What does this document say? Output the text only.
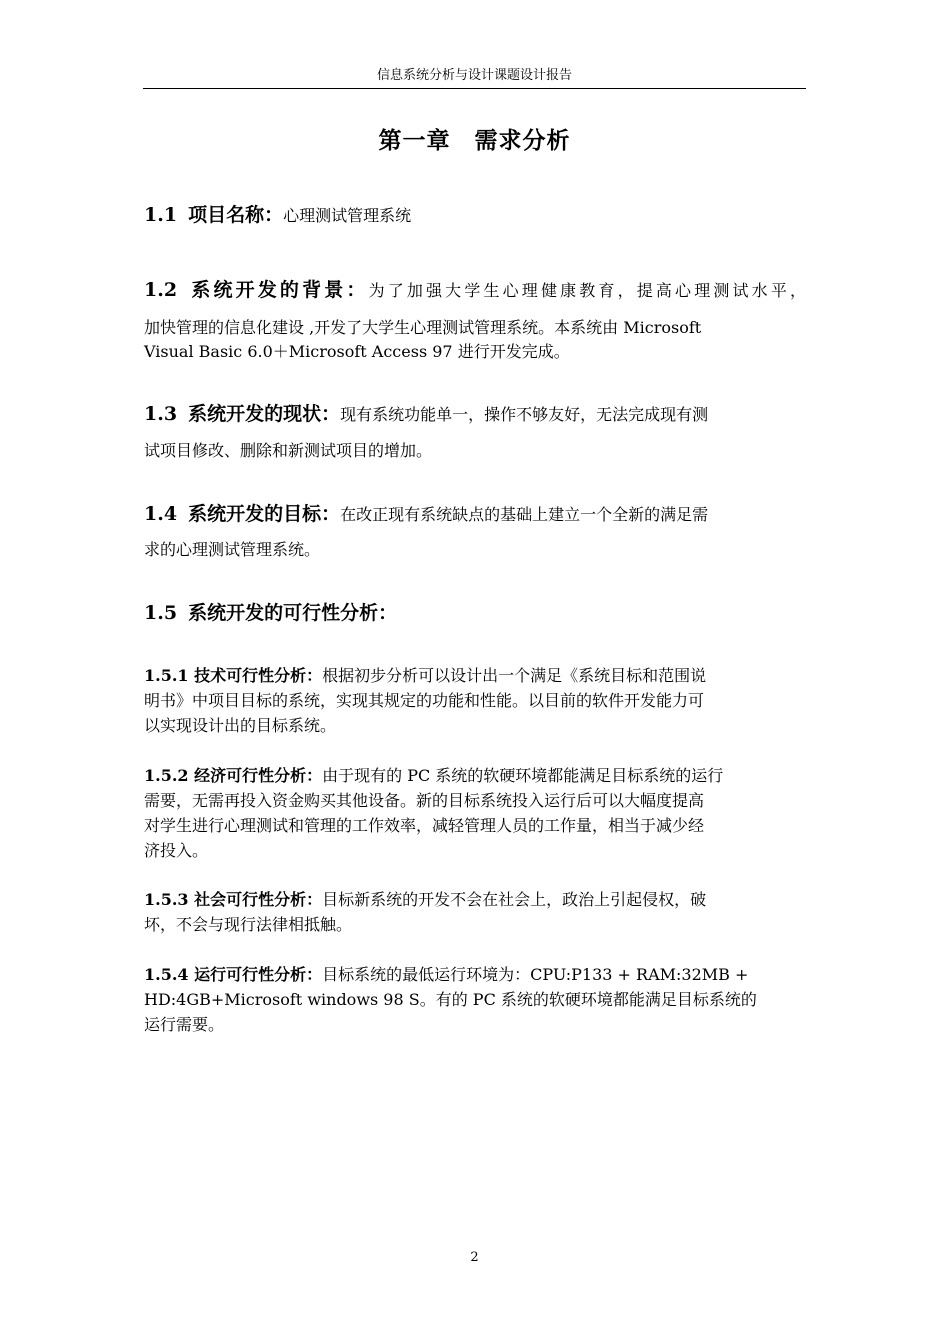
信息系统分析与设计课题设计报告
第一章　需求分析
1.1 项目名称：心理测试管理系统
1.2 系统开发的背景：为了加强大学生心理健康教育，提高心理测试水平，
加快管理的信息化建设 ,开发了大学生心理测试管理系统。本系统由 Microsoft
Visual Basic 6.0＋Microsoft Access 97 进行开发完成。
1.3 系统开发的现状：现有系统功能单一，操作不够友好，无法完成现有测
试项目修改、删除和新测试项目的增加。
1.4 系统开发的目标：在改正现有系统缺点的基础上建立一个全新的满足需
求的心理测试管理系统。
1.5 系统开发的可行性分析：
1.5.1 技术可行性分析：根据初步分析可以设计出一个满足《系统目标和范围说
明书》中项目目标的系统，实现其规定的功能和性能。以目前的软件开发能力可
以实现设计出的目标系统。
1.5.2 经济可行性分析：由于现有的 PC 系统的软硬环境都能满足目标系统的运行
需要，无需再投入资金购买其他设备。新的目标系统投入运行后可以大幅度提高
对学生进行心理测试和管理的工作效率，减轻管理人员的工作量，相当于减少经
济投入。
1.5.3 社会可行性分析：目标新系统的开发不会在社会上，政治上引起侵权，破
坏，不会与现行法律相抵触。
1.5.4 运行可行性分析：目标系统的最低运行环境为：CPU:P133 + RAM:32MB +
HD:4GB+Microsoft windows 98 S。有的 PC 系统的软硬环境都能满足目标系统的
运行需要。
2
